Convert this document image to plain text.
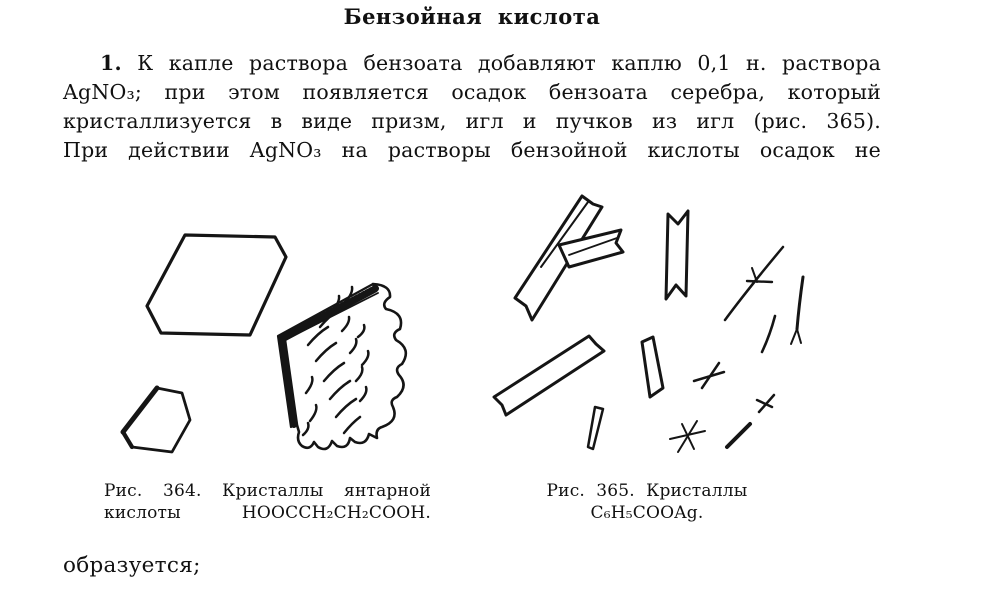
Бензойная  кислота
1. К капле раствора бензоата добавляют каплю 0,1 н. раствора
AgNO₃; при этом появляется осадок бензоата серебра, который
кристаллизуется в виде призм, игл и пучков из игл (рис. 365).
При действии AgNO₃ на растворы бензойной кислоты осадок не
Рис. 364. Кристаллы янтарной
кислоты	HOOCCH₂CH₂COOH.
Рис.  365.  Кристаллы
C₆H₅COOAg.
образуется;
